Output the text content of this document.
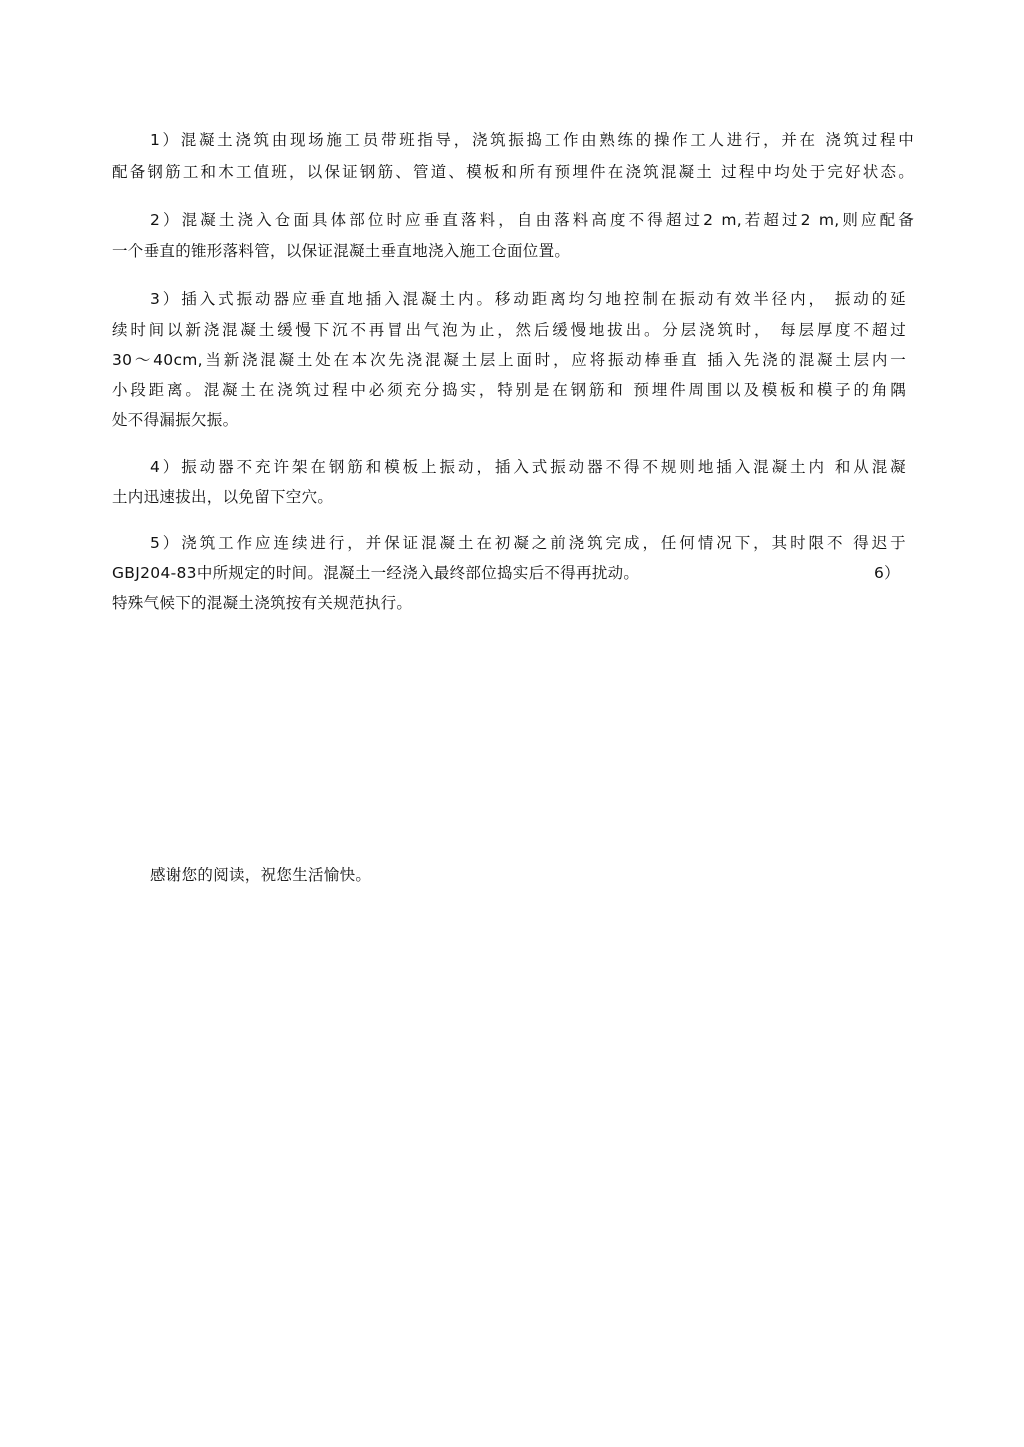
1）混凝土浇筑由现场施工员带班指导，浇筑振捣工作由熟练的操作工人进行，并在 浇筑过程中
配备钢筋工和木工值班，以保证钢筋、管道、模板和所有预埋件在浇筑混凝土 过程中均处于完好状态。
2）混凝土浇入仓面具体部位时应垂直落料，自由落料高度不得超过2 m,若超过2 m,则应配备
一个垂直的锥形落料管，以保证混凝土垂直地浇入施工仓面位置。
3）插入式振动器应垂直地插入混凝土内。移动距离均匀地控制在振动有效半径内， 振动的延
续时间以新浇混凝土缓慢下沉不再冒出气泡为止，然后缓慢地拔出。分层浇筑时， 每层厚度不超过
30〜40cm,当新浇混凝土处在本次先浇混凝土层上面时，应将振动棒垂直 插入先浇的混凝土层内一
小段距离。混凝土在浇筑过程中必须充分捣实，特别是在钢筋和 预埋件周围以及模板和模子的角隅
处不得漏振欠振。
4）振动器不充许架在钢筋和模板上振动，插入式振动器不得不规则地插入混凝土内 和从混凝
土内迅速拔出，以免留下空穴。
5）浇筑工作应连续进行，并保证混凝土在初凝之前浇筑完成，任何情况下，其时限不 得迟于
GBJ204-83中所规定的时间。混凝土一经浇入最终部位捣实后不得再扰动。	6）
特殊气候下的混凝土浇筑按有关规范执行。
感谢您的阅读，祝您生活愉快。
